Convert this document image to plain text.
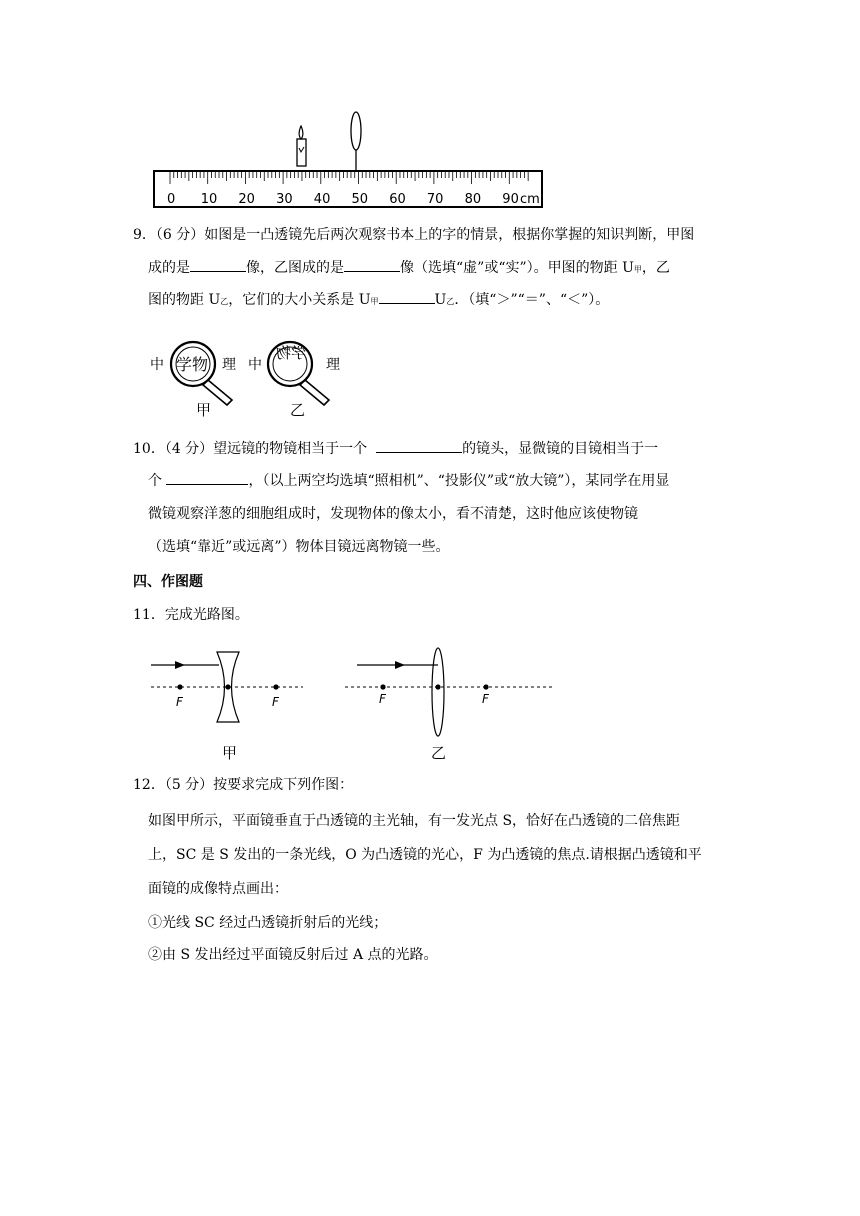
0 10 20 30 40 50 60 70 80 90 cm
9．（6 分）如图是一凸透镜先后两次观察书本上的字的情景，根据你掌握的知识判断，甲图
成的是	像，乙图成的是	像（选填“虚”或“实”）。甲图的物距 U甲，乙
图的物距 U乙，它们的大小关系是 U甲	U乙．（填“＞”“＝”、“＜”）。
中 学物 理 中
学物
理
甲	乙
10．（4 分）望远镜的物镜相当于一个	的镜头，显微镜的目镜相当于一
个	，（以上两空均选填“照相机”、“投影仪”或“放大镜”），某同学在用显
微镜观察洋葱的细胞组成时，发现物体的像太小，看不清楚，这时他应该使物镜
（选填“靠近”或远离”）物体目镜远离物镜一些。
四、作图题
11．完成光路图。
F	F
甲
F	F
乙
12．（5 分）按要求完成下列作图：
如图甲所示，平面镜垂直于凸透镜的主光轴，有一发光点 S，恰好在凸透镜的二倍焦距
上，SC 是 S 发出的一条光线，O 为凸透镜的光心，F 为凸透镜的焦点.请根据凸透镜和平
面镜的成像特点画出：
①光线 SC 经过凸透镜折射后的光线；
②由 S 发出经过平面镜反射后过 A 点的光路。
